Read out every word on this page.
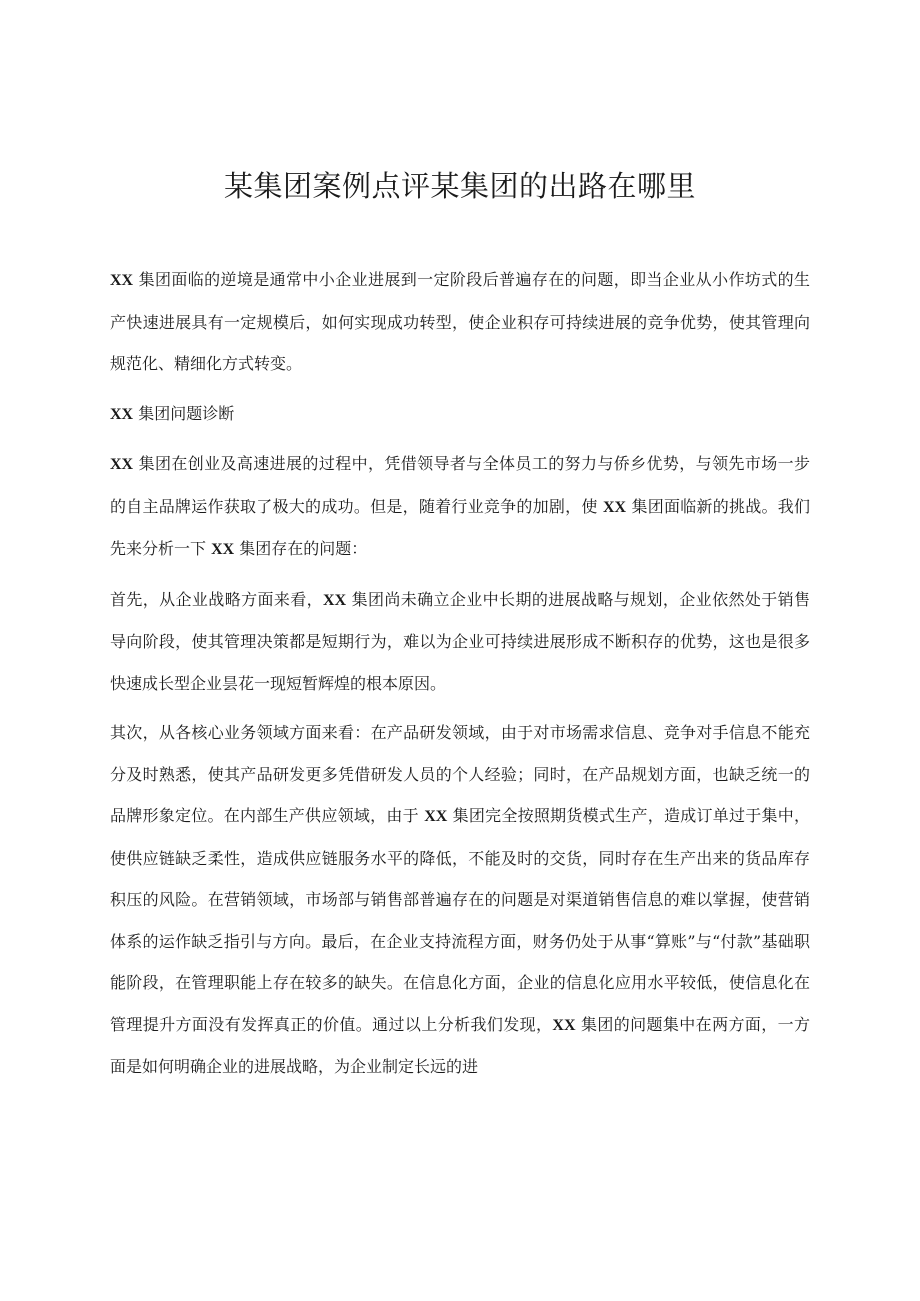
某集团案例点评某集团的出路在哪里

XX 集团面临的逆境是通常中小企业进展到一定阶段后普遍存在的问题，即当企业从小作坊式的生产快速进展具有一定规模后，如何实现成功转型，使企业积存可持续进展的竞争优势，使其管理向规范化、精细化方式转变。

XX 集团问题诊断

XX 集团在创业及高速进展的过程中，凭借领导者与全体员工的努力与侨乡优势，与领先市场一步的自主品牌运作获取了极大的成功。但是，随着行业竞争的加剧，使 XX 集团面临新的挑战。我们先来分析一下 XX 集团存在的问题：

首先，从企业战略方面来看，XX 集团尚未确立企业中长期的进展战略与规划，企业依然处于销售导向阶段，使其管理决策都是短期行为，难以为企业可持续进展形成不断积存的优势，这也是很多快速成长型企业昙花一现短暂辉煌的根本原因。

其次，从各核心业务领域方面来看：在产品研发领域，由于对市场需求信息、竞争对手信息不能充分及时熟悉，使其产品研发更多凭借研发人员的个人经验；同时，在产品规划方面，也缺乏统一的品牌形象定位。在内部生产供应领域，由于 XX 集团完全按照期货模式生产，造成订单过于集中，使供应链缺乏柔性，造成供应链服务水平的降低，不能及时的交货，同时存在生产出来的货品库存积压的风险。在营销领域，市场部与销售部普遍存在的问题是对渠道销售信息的难以掌握，使营销体系的运作缺乏指引与方向。最后，在企业支持流程方面，财务仍处于从事“算账”与“付款”基础职能阶段，在管理职能上存在较多的缺失。在信息化方面，企业的信息化应用水平较低，使信息化在管理提升方面没有发挥真正的价值。通过以上分析我们发现，XX 集团的问题集中在两方面，一方面是如何明确企业的进展战略，为企业制定长远的进
